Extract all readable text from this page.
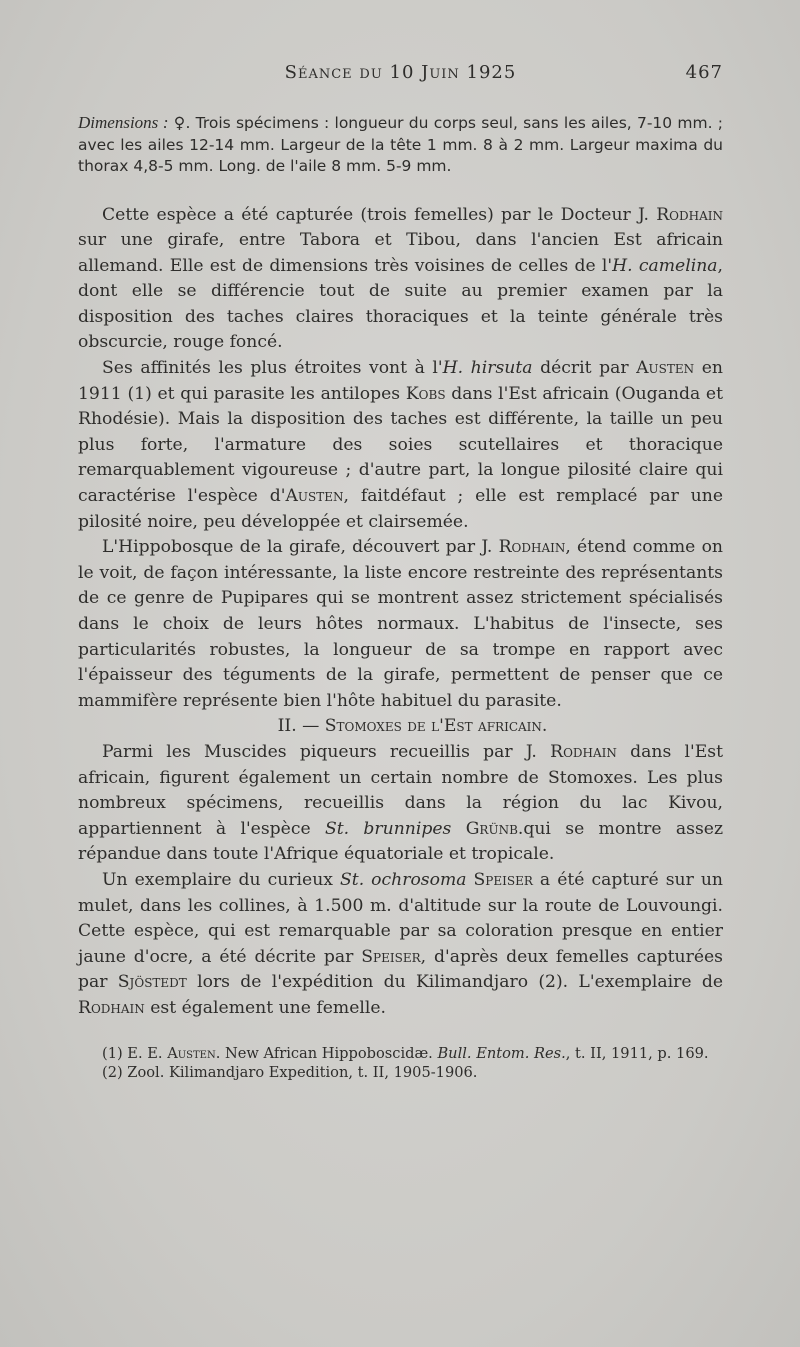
Séance du 10 Juin 1925	467

Dimensions : ♀. Trois spécimens : longueur du corps seul, sans les ailes, 7-10 mm. ; avec les ailes 12-14 mm. Largeur de la tête 1 mm. 8 à 2 mm. Largeur maxima du thorax 4,8-5 mm. Long. de l'aile 8 mm. 5-9 mm.

Cette espèce a été capturée (trois femelles) par le Docteur J. Rodhain sur une girafe, entre Tabora et Tibou, dans l'ancien Est africain allemand. Elle est de dimensions très voisines de celles de l'H. camelina, dont elle se différencie tout de suite au premier examen par la disposition des taches claires thoraciques et la teinte générale très obscurcie, rouge foncé.

Ses affinités les plus étroites vont à l'H. hirsuta décrit par Austen en 1911 (1) et qui parasite les antilopes Kobs dans l'Est africain (Ouganda et Rhodésie). Mais la disposition des taches est différente, la taille un peu plus forte, l'armature des soies scutellaires et thoracique remarquablement vigoureuse ; d'autre part, la longue pilosité claire qui caractérise l'espèce d'Austen, faitdéfaut ; elle est remplacé par une pilosité noire, peu développée et clairsemée.

L'Hippobosque de la girafe, découvert par J. Rodhain, étend comme on le voit, de façon intéressante, la liste encore restreinte des représentants de ce genre de Pupipares qui se montrent assez strictement spécialisés dans le choix de leurs hôtes normaux. L'habitus de l'insecte, ses particularités robustes, la longueur de sa trompe en rapport avec l'épaisseur des téguments de la girafe, permettent de penser que ce mammifère représente bien l'hôte habituel du parasite.

II. — Stomoxes de l'Est africain.

Parmi les Muscides piqueurs recueillis par J. Rodhain dans l'Est africain, figurent également un certain nombre de Stomoxes. Les plus nombreux spécimens, recueillis dans la région du lac Kivou, appartiennent à l'espèce St. brunnipes Grünb.qui se montre assez répandue dans toute l'Afrique équatoriale et tropicale.

Un exemplaire du curieux St. ochrosoma Speiser a été capturé sur un mulet, dans les collines, à 1.500 m. d'altitude sur la route de Louvoungi. Cette espèce, qui est remarquable par sa coloration presque en entier jaune d'ocre, a été décrite par Speiser, d'après deux femelles capturées par Sjöstedt lors de l'expédition du Kilimandjaro (2). L'exemplaire de Rodhain est également une femelle.

(1) E. E. Austen. New African Hippoboscidæ. Bull. Entom. Res., t. II, 1911, p. 169.

(2) Zool. Kilimandjaro Expedition, t. II, 1905-1906.
